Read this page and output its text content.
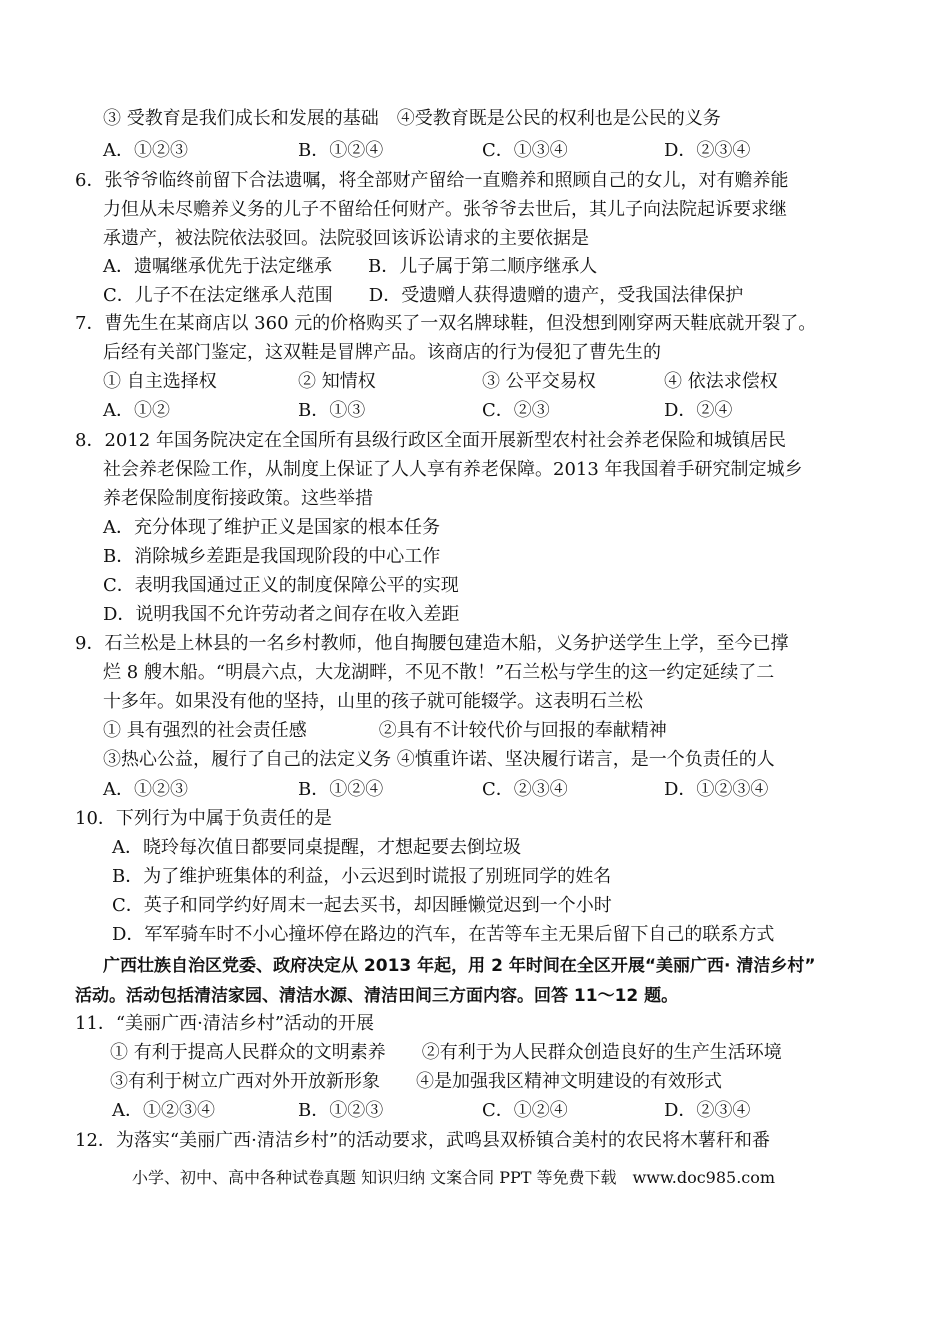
③ 受教育是我们成长和发展的基础　④受教育既是公民的权利也是公民的义务
A．①②③	B．①②④	C．①③④	D．②③④
6．张爷爷临终前留下合法遗嘱，将全部财产留给一直赡养和照顾自己的女儿，对有赡养能
力但从未尽赡养义务的儿子不留给任何财产。张爷爷去世后，其儿子向法院起诉要求继
承遗产，被法院依法驳回。法院驳回该诉讼请求的主要依据是
A．遗嘱继承优先于法定继承　　B．儿子属于第二顺序继承人
C．儿子不在法定继承人范围　　D．受遗赠人获得遗赠的遗产，受我国法律保护
7．曹先生在某商店以 360 元的价格购买了一双名牌球鞋，但没想到刚穿两天鞋底就开裂了。
后经有关部门鉴定，这双鞋是冒牌产品。该商店的行为侵犯了曹先生的
① 自主选择权	② 知情权	③ 公平交易权	④ 依法求偿权
A．①②	B．①③	C．②③	D．②④
8．2012 年国务院决定在全国所有县级行政区全面开展新型农村社会养老保险和城镇居民
社会养老保险工作，从制度上保证了人人享有养老保障。2013 年我国着手研究制定城乡
养老保险制度衔接政策。这些举措
A．充分体现了维护正义是国家的根本任务
B．消除城乡差距是我国现阶段的中心工作
C．表明我国通过正义的制度保障公平的实现
D．说明我国不允许劳动者之间存在收入差距
9．石兰松是上林县的一名乡村教师，他自掏腰包建造木船，义务护送学生上学，至今已撑
烂 8 艘木船。“明晨六点，大龙湖畔，不见不散！”石兰松与学生的这一约定延续了二
十多年。如果没有他的坚持，山里的孩子就可能辍学。这表明石兰松
① 具有强烈的社会责任感　　　　②具有不计较代价与回报的奉献精神
③热心公益，履行了自己的法定义务 ④慎重许诺、坚决履行诺言，是一个负责任的人
A．①②③	B．①②④	C．②③④	D．①②③④
10．下列行为中属于负责任的是
A．晓玲每次值日都要同桌提醒，才想起要去倒垃圾
B．为了维护班集体的利益，小云迟到时谎报了别班同学的姓名
C．英子和同学约好周末一起去买书，却因睡懒觉迟到一个小时
D．军军骑车时不小心撞坏停在路边的汽车，在苦等车主无果后留下自己的联系方式
广西壮族自治区党委、政府决定从 2013 年起，用 2 年时间在全区开展“美丽广西· 清洁乡村”
活动。活动包括清洁家园、清洁水源、清洁田间三方面内容。回答 11～12 题。
11．“美丽广西·清洁乡村”活动的开展
① 有利于提高人民群众的文明素养　　②有利于为人民群众创造良好的生产生活环境
③有利于树立广西对外开放新形象　　④是加强我区精神文明建设的有效形式
A．①②③④	B．①②③	C．①②④	D．②③④
12．为落实“美丽广西·清洁乡村”的活动要求，武鸣县双桥镇合美村的农民将木薯秆和番
小学、初中、高中各种试卷真题 知识归纳 文案合同 PPT 等免费下载　www.doc985.com
